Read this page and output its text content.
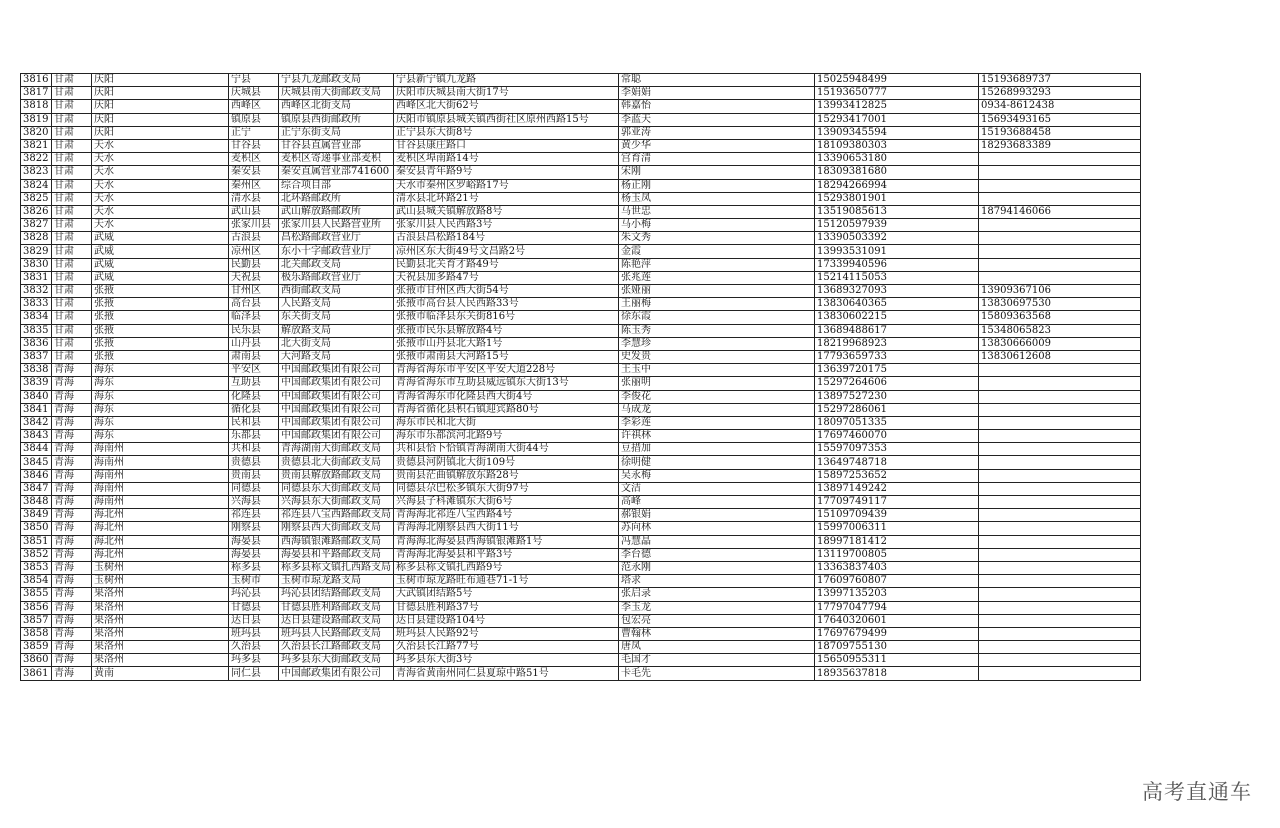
3816	甘肃	庆阳	宁县	宁县九龙邮政支局	宁县新宁镇九龙路	常聪	15025948499	15193689737
3817	甘肃	庆阳	庆城县	庆城县南大街邮政支局	庆阳市庆城县南大街17号	李娟娟	15193650777	15268993293
3818	甘肃	庆阳	西峰区	西峰区北街支局	西峰区北大街62号	韩嘉怡	13993412825	0934-8612438
3819	甘肃	庆阳	镇原县	镇原县西街邮政所	庆阳市镇原县城关镇西街社区原州西路15号	李蓝天	15293417001	15693493165
3820	甘肃	庆阳	正宁	正宁东街支局	正宁县东大街8号	郭亚涛	13909345594	15193688458
3821	甘肃	天水	甘谷县	甘谷县直属营业部	甘谷县康庄路口	黄少华	18109380303	18293683389
3822	甘肃	天水	麦积区	麦积区寄递事业部麦积	麦积区埠南路14号	宫育清	13390653180	
3823	甘肃	天水	秦安县	秦安直属营业部741600	秦安县青年路9号	宋刚	18309381680	
3824	甘肃	天水	秦州区	综合项目部	天水市秦州区罗峪路17号	杨正刚	18294266994	
3825	甘肃	天水	清水县	北环路邮政所	清水县北环路21号	杨玉凤	15293801901	
3826	甘肃	天水	武山县	武山解放路邮政所	武山县城关镇解放路8号	马世忠	13519085613	18794146066
3827	甘肃	天水	张家川县	张家川县人民路营业所	张家川县人民西路3号	马小梅	15120597939	
3828	甘肃	武威	古浪县	昌松路邮政营业厅	古浪县昌松路184号	朱文秀	13390503392	
3829	甘肃	武威	凉州区	东小十字邮政营业厅	凉州区东大街49号文昌路2号	金霞	13993531091	
3830	甘肃	武威	民勤县	北关邮政支局	民勤县北关育才路49号	陈艳萍	17339940596	
3831	甘肃	武威	天祝县	极乐路邮政营业厅	天祝县加多路47号	张兆莲	15214115053	
3832	甘肃	张掖	甘州区	西街邮政支局	张掖市甘州区西大街54号	张娅丽	13689327093	13909367106
3833	甘肃	张掖	高台县	人民路支局	张掖市高台县人民西路33号	王丽梅	13830640365	13830697530
3834	甘肃	张掖	临泽县	东关街支局	张掖市临泽县东关街816号	徐东霞	13830602215	15809363568
3835	甘肃	张掖	民乐县	解放路支局	张掖市民乐县解放路4号	陈玉秀	13689488617	15348065823
3836	甘肃	张掖	山丹县	北大街支局	张掖市山丹县北大路1号	李慧珍	18219968923	13830666009
3837	甘肃	张掖	肃南县	大河路支局	张掖市肃南县大河路15号	史发贵	17793659733	13830612608
3838	青海	海东	平安区	中国邮政集团有限公司	青海省海东市平安区平安大道228号	王玉中	13639720175	
3839	青海	海东	互助县	中国邮政集团有限公司	青海省海东市互助县威远镇东大街13号	张丽明	15297264606	
3840	青海	海东	化隆县	中国邮政集团有限公司	青海省海东市化隆县西大街4号	李俊花	13897527230	
3841	青海	海东	循化县	中国邮政集团有限公司	青海省循化县积石镇迎宾路80号	马成龙	15297286061	
3842	青海	海东	民和县	中国邮政集团有限公司	海东市民和北大街	李彩莲	18097051335	
3843	青海	海东	乐都县	中国邮政集团有限公司	海东市乐都滨河北路9号	许祺林	17697460070	
3844	青海	海南州	共和县	青海湖南大街邮政支局	共和县恰卜恰镇青海湖南大街44号	豆措加	15597097353	
3845	青海	海南州	贵德县	贵德县北大街邮政支局	贵德县河阴镇北大街109号	徐明健	13649748718	
3846	青海	海南州	贵南县	贵南县解放路邮政支局	贵南县茫曲镇解放东路28号	吴永梅	15897253652	
3847	青海	海南州	同德县	同德县东大街邮政支局	同德县尕巴松多镇东大街97号	文洁	13897149242	
3848	青海	海南州	兴海县	兴海县东大街邮政支局	兴海县子科滩镇东大街6号	高峰	17709749117	
3849	青海	海北州	祁连县	祁连县八宝西路邮政支局	青海海北祁连八宝西路4号	郝银娟	15109709439	
3850	青海	海北州	刚察县	刚察县西大街邮政支局	青海海北刚察县西大街11号	苏向林	15997006311	
3851	青海	海北州	海晏县	西海镇银滩路邮政支局	青海海北海晏县西海镇银滩路1号	冯慧晶	18997181412	
3852	青海	海北州	海晏县	海晏县和平路邮政支局	青海海北海晏县和平路3号	李台德	13119700805	
3853	青海	玉树州	称多县	称多县称文镇扎西路支局	称多县称文镇扎西路9号	范永刚	13363837403	
3854	青海	玉树州	玉树市	玉树市琼龙路支局	玉树市琼龙路旺布通巷71-1号	塔求	17609760807	
3855	青海	果洛州	玛沁县	玛沁县团结路邮政支局	大武镇团结路5号	张启录	13997135203	
3856	青海	果洛州	甘德县	甘德县胜利路邮政支局	甘德县胜利路37号	李玉龙	17797047794	
3857	青海	果洛州	达日县	达日县建设路邮政支局	达日县建设路104号	包宏亮	17640320601	
3858	青海	果洛州	班玛县	班玛县人民路邮政支局	班玛县人民路92号	曹翰林	17697679499	
3859	青海	果洛州	久治县	久治县长江路邮政支局	久治县长江路77号	唐凤	18709755130	
3860	青海	果洛州	玛多县	玛多县东大街邮政支局	玛多县东大街3号	毛国才	15650955311	
3861	青海	黄南	同仁县	中国邮政集团有限公司	青海省黄南州同仁县夏琼中路51号	卡毛先	18935637818	
高考直通车
